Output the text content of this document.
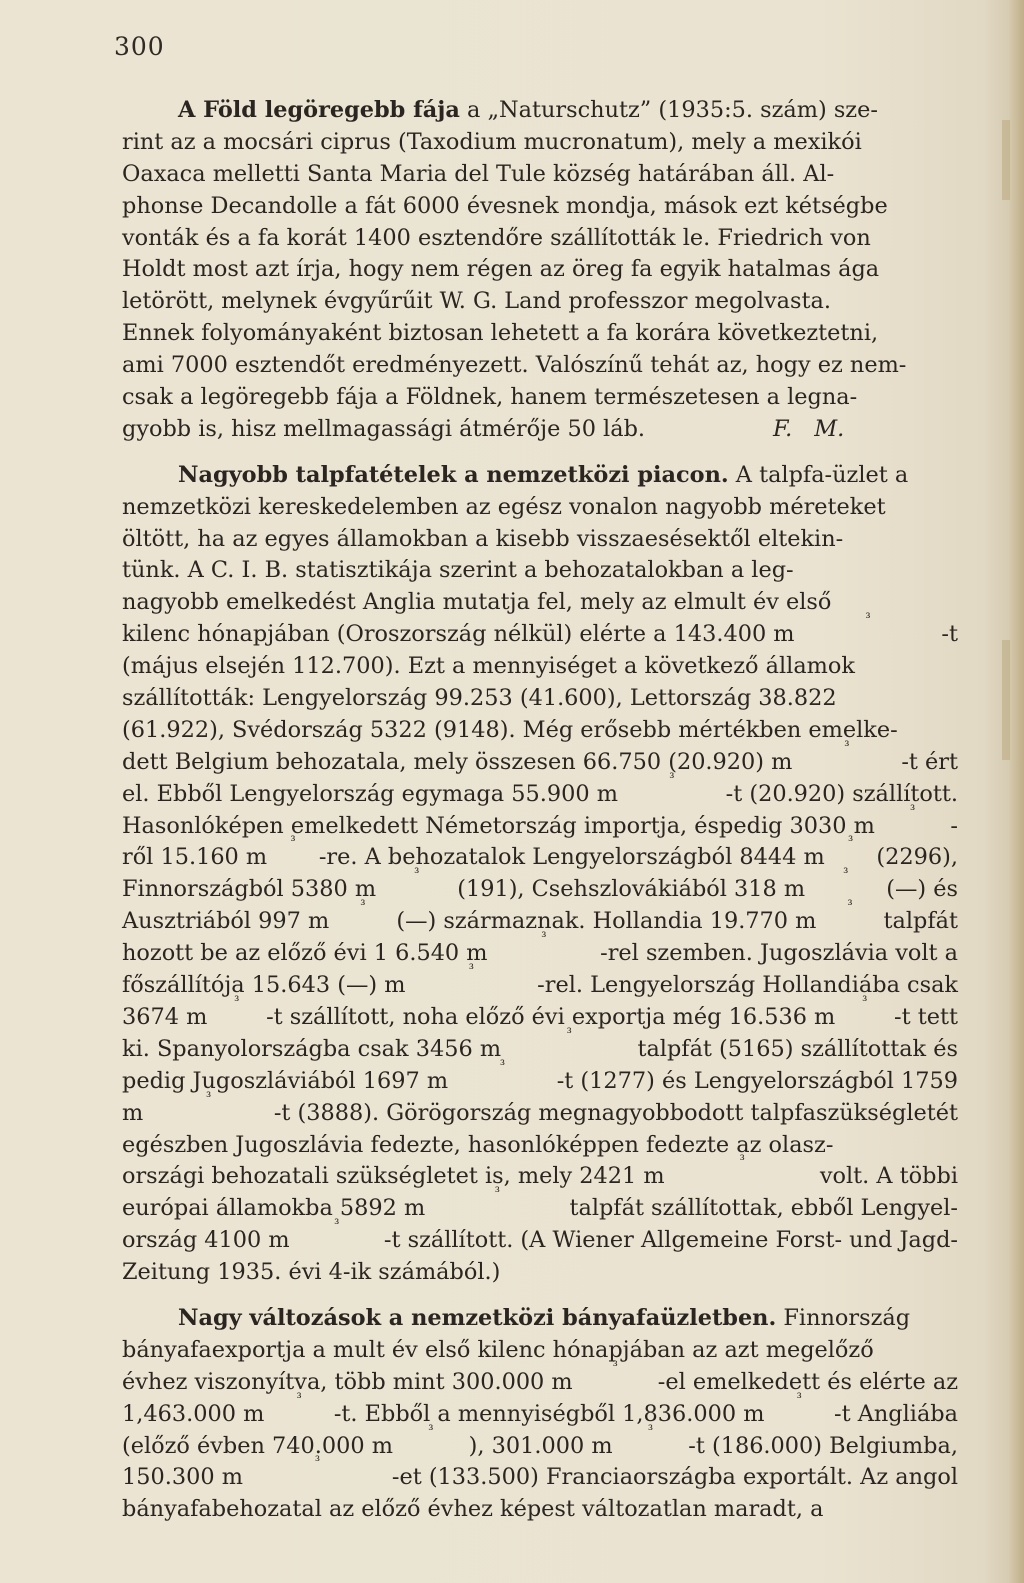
300
A Föld legöregebb fája a „Naturschutz” (1935:5. szám) sze-
rint az a mocsári ciprus (Taxodium mucronatum), mely a mexikói
Oaxaca melletti Santa Maria del Tule község határában áll. Al-
phonse Decandolle a fát 6000 évesnek mondja, mások ezt kétségbe
vonták és a fa korát 1400 esztendőre szállították le. Friedrich von
Holdt most azt írja, hogy nem régen az öreg fa egyik hatalmas ága
letörött, melynek évgyűrűit W. G. Land professzor megolvasta.
Ennek folyományaként biztosan lehetett a fa korára következtetni,
ami 7000 esztendőt eredményezett. Valószínű tehát az, hogy ez nem-
csak a legöregebb fája a Földnek, hanem természetesen a legna-
gyobb is, hisz mellmagassági átmérője 50 láb.	F. M.
Nagyobb talpfatételek a nemzetközi piacon. A talpfa-üzlet a
nemzetközi kereskedelemben az egész vonalon nagyobb méreteket
öltött, ha az egyes államokban a kisebb visszaesésektől eltekin-
tünk. A C. I. B. statisztikája szerint a behozatalokban a leg-
nagyobb emelkedést Anglia mutatja fel, mely az elmult év első
kilenc hónapjában (Oroszország nélkül) elérte a 143.400 m
³
-t
(május elsején 112.700). Ezt a mennyiséget a következő államok
szállították: Lengyelország 99.253 (41.600), Lettország 38.822
(61.922), Svédország 5322 (9148). Még erősebb mértékben emelke-
dett Belgium behozatala, mely összesen 66.750 (20.920) m
³
-t ért
el. Ebből Lengyelország egymaga 55.900 m
³
-t (20.920) szállított.
Hasonlóképen emelkedett Németország importja, éspedig 3030 m
³
-
ről 15.160 m
³
-re. A behozatalok Lengyelországból 8444 m
³
(2296),
Finnországból 5380 m
³
(191), Csehszlovákiából 318 m
³
(—) és
Ausztriából 997 m
³
(—) származnak. Hollandia 19.770 m
³
talpfát
hozott be az előző évi 1 6.540 m
³
-rel szemben. Jugoszlávia volt a
főszállítója 15.643 (—) m
³
-rel. Lengyelország Hollandiába csak
3674 m
³
-t szállított, noha előző évi exportja még 16.536 m
³
-t tett
ki. Spanyolországba csak 3456 m
³
talpfát (5165) szállítottak és
pedig Jugoszláviából 1697 m
³
-t (1277) és Lengyelországból 1759
m
³
-t (3888). Görögország megnagyobbodott talpfaszükségletét
egészben Jugoszlávia fedezte, hasonlóképpen fedezte az olasz-
országi behozatali szükségletet is, mely 2421 m
³
volt. A többi
európai államokba 5892 m
³
talpfát szállítottak, ebből Lengyel-
ország 4100 m
³
-t szállított. (A Wiener Allgemeine Forst- und Jagd-
Zeitung 1935. évi 4-ik számából.)
Nagy változások a nemzetközi bányafaüzletben. Finnország
bányafaexportja a mult év első kilenc hónapjában az azt megelőző
évhez viszonyítva, több mint 300.000 m
³
-el emelkedett és elérte az
1,463.000 m
³
-t. Ebből a mennyiségből 1,836.000 m
³
-t Angliába
(előző évben 740.000 m
³
), 301.000 m
³
-t (186.000) Belgiumba,
150.300 m
³
-et (133.500) Franciaországba exportált. Az angol
bányafabehozatal az előző évhez képest változatlan maradt, a
